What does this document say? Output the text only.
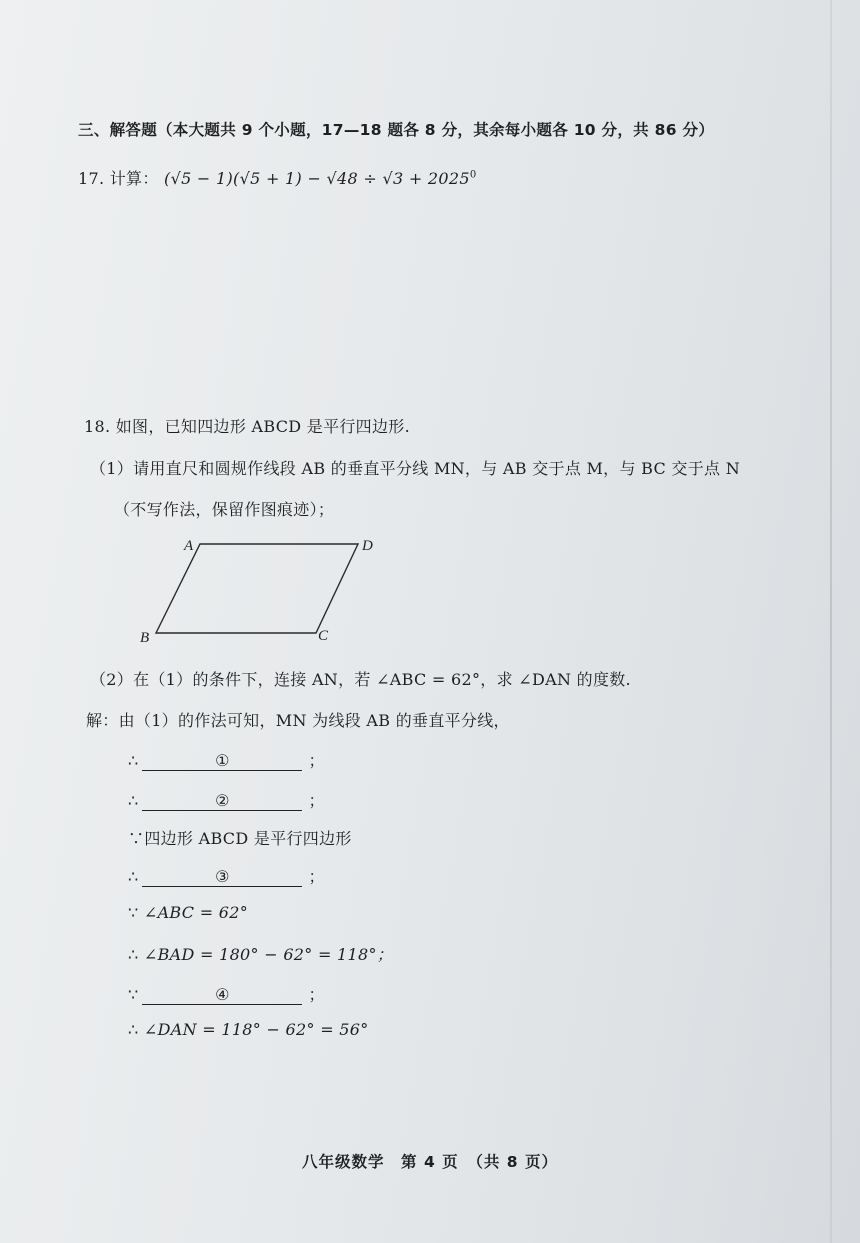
三、解答题（本大题共 9 个小题，17—18 题各 8 分，其余每小题各 10 分，共 86 分）
17. 计算： $(√5 - 1)(√5 + 1) - √48 \div √3 + 2025^0$
18. 如图，已知四边形 ABCD 是平行四边形.
（1）请用直尺和圆规作线段 AB 的垂直平分线 MN，与 AB 交于点 M，与 BC 交于点 N
（不写作法，保留作图痕迹）；
A	D
B	C
（2）在（1）的条件下，连接 AN，若 ∠ABC = 62°，求 ∠DAN 的度数.
解：由（1）的作法可知，MN 为线段 AB 的垂直平分线，
∴	①	；
∴	②	；
∵四边形 ABCD 是平行四边形
∴	③	；
∵ ∠ABC = 62°
∴ ∠BAD = 180° − 62° = 118°；
∵	④	；
∴ ∠DAN = 118° − 62° = 56°
八年级数学　第 4 页　（共 8 页）
